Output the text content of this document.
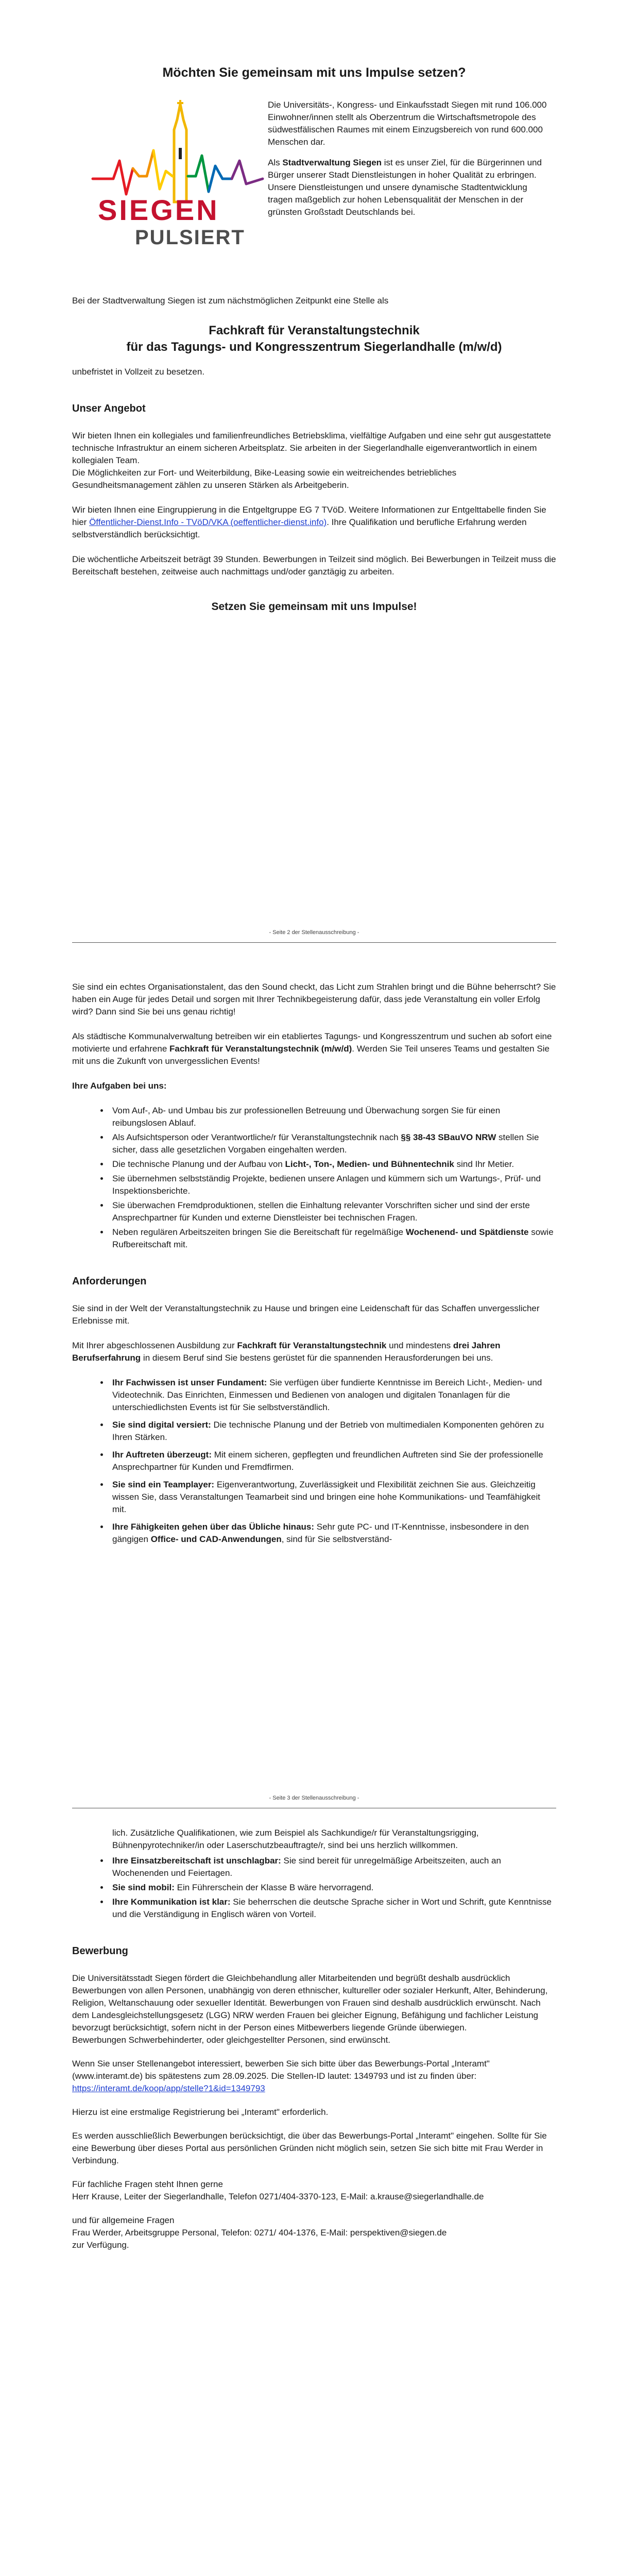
Möchten Sie gemeinsam mit uns Impulse setzen?
SIEGEN
PULSIERT

Die Universitäts-, Kongress- und Einkaufsstadt Siegen mit rund 106.000 Einwohner/innen stellt als Oberzentrum die Wirtschaftsmetropole des südwestfälischen Raumes mit einem Einzugsbereich von rund 600.000 Menschen dar.

Als Stadtverwaltung Siegen ist es unser Ziel, für die Bürgerinnen und Bürger unserer Stadt Dienstleistungen in hoher Qualität zu erbringen. Unsere Dienstleistungen und unsere dynamische Stadtentwicklung tragen maßgeblich zur hohen Lebensqualität der Menschen in der grünsten Großstadt Deutschlands bei.

Bei der Stadtverwaltung Siegen ist zum nächstmöglichen Zeitpunkt eine Stelle als

Fachkraft für Veranstaltungstechnik
für das Tagungs- und Kongresszentrum Siegerlandhalle (m/w/d)

unbefristet in Vollzeit zu besetzen.

Unser Angebot

Wir bieten Ihnen ein kollegiales und familienfreundliches Betriebsklima, vielfältige Aufgaben und eine sehr gut ausgestattete technische Infrastruktur an einem sicheren Arbeitsplatz. Sie arbeiten in der Siegerlandhalle eigenverantwortlich in einem kollegialen Team.
Die Möglichkeiten zur Fort- und Weiterbildung, Bike-Leasing sowie ein weitreichendes betriebliches Gesundheitsmanagement zählen zu unseren Stärken als Arbeitgeberin.

Wir bieten Ihnen eine Eingruppierung in die Entgeltgruppe EG 7 TVöD. Weitere Informationen zur Entgelttabelle finden Sie hier Öffentlicher-Dienst.Info - TVöD/VKA (oeffentlicher-dienst.info). Ihre Qualifikation und berufliche Erfahrung werden selbstverständlich berücksichtigt.

Die wöchentliche Arbeitszeit beträgt 39 Stunden. Bewerbungen in Teilzeit sind möglich. Bei Bewerbungen in Teilzeit muss die Bereitschaft bestehen, zeitweise auch nachmittags und/oder ganztägig zu arbeiten.

Setzen Sie gemeinsam mit uns Impulse!
- Seite 2 der Stellenausschreibung -

Sie sind ein echtes Organisationstalent, das den Sound checkt, das Licht zum Strahlen bringt und die Bühne beherrscht? Sie haben ein Auge für jedes Detail und sorgen mit Ihrer Technikbegeisterung dafür, dass jede Veranstaltung ein voller Erfolg wird? Dann sind Sie bei uns genau richtig!

Als städtische Kommunalverwaltung betreiben wir ein etabliertes Tagungs- und Kongresszentrum und suchen ab sofort eine motivierte und erfahrene Fachkraft für Veranstaltungstechnik (m/w/d). Werden Sie Teil unseres Teams und gestalten Sie mit uns die Zukunft von unvergesslichen Events!

Ihre Aufgaben bei uns:

• Vom Auf-, Ab- und Umbau bis zur professionellen Betreuung und Überwachung sorgen Sie für einen reibungslosen Ablauf.
• Als Aufsichtsperson oder Verantwortliche/r für Veranstaltungstechnik nach §§ 38-43 SBauVO NRW stellen Sie sicher, dass alle gesetzlichen Vorgaben eingehalten werden.
• Die technische Planung und der Aufbau von Licht-, Ton-, Medien- und Bühnentechnik sind Ihr Metier.
• Sie übernehmen selbstständig Projekte, bedienen unsere Anlagen und kümmern sich um Wartungs-, Prüf- und Inspektionsberichte.
• Sie überwachen Fremdproduktionen, stellen die Einhaltung relevanter Vorschriften sicher und sind der erste Ansprechpartner für Kunden und externe Dienstleister bei technischen Fragen.
• Neben regulären Arbeitszeiten bringen Sie die Bereitschaft für regelmäßige Wochenend- und Spätdienste sowie Rufbereitschaft mit.
Anforderungen

Sie sind in der Welt der Veranstaltungstechnik zu Hause und bringen eine Leidenschaft für das Schaffen unvergesslicher Erlebnisse mit.

Mit Ihrer abgeschlossenen Ausbildung zur Fachkraft für Veranstaltungstechnik und mindestens drei Jahren Berufserfahrung in diesem Beruf sind Sie bestens gerüstet für die spannenden Herausforderungen bei uns.

• Ihr Fachwissen ist unser Fundament: Sie verfügen über fundierte Kenntnisse im Bereich Licht-, Medien- und Videotechnik. Das Einrichten, Einmessen und Bedienen von analogen und digitalen Tonanlagen für die unterschiedlichsten Events ist für Sie selbstverständlich.
• Sie sind digital versiert: Die technische Planung und der Betrieb von multimedialen Komponenten gehören zu Ihren Stärken.
• Ihr Auftreten überzeugt: Mit einem sicheren, gepflegten und freundlichen Auftreten sind Sie der professionelle Ansprechpartner für Kunden und Fremdfirmen.
• Sie sind ein Teamplayer: Eigenverantwortung, Zuverlässigkeit und Flexibilität zeichnen Sie aus. Gleichzeitig wissen Sie, dass Veranstaltungen Teamarbeit sind und bringen eine hohe Kommunikations- und Teamfähigkeit mit.
• Ihre Fähigkeiten gehen über das Übliche hinaus: Sehr gute PC- und IT-Kenntnisse, insbesondere in den gängigen Office- und CAD-Anwendungen, sind für Sie selbstverständ-
- Seite 3 der Stellenausschreibung -

lich. Zusätzliche Qualifikationen, wie zum Beispiel als Sachkundige/r für Veranstaltungsrigging, Bühnenpyrotechniker/in oder Laserschutzbeauftragte/r, sind bei uns herzlich willkommen.

• Ihre Einsatzbereitschaft ist unschlagbar: Sie sind bereit für unregelmäßige Arbeitszeiten, auch an Wochenenden und Feiertagen.
• Sie sind mobil: Ein Führerschein der Klasse B wäre hervorragend.
• Ihre Kommunikation ist klar: Sie beherrschen die deutsche Sprache sicher in Wort und Schrift, gute Kenntnisse und die Verständigung in Englisch wären von Vorteil.
Bewerbung

Die Universitätsstadt Siegen fördert die Gleichbehandlung aller Mitarbeitenden und begrüßt deshalb ausdrücklich Bewerbungen von allen Personen, unabhängig von deren ethnischer, kultureller oder sozialer Herkunft, Alter, Behinderung, Religion, Weltanschauung oder sexueller Identität. Bewerbungen von Frauen sind deshalb ausdrücklich erwünscht. Nach dem Landesgleichstellungsgesetz (LGG) NRW werden Frauen bei gleicher Eignung, Befähigung und fachlicher Leistung bevorzugt berücksichtigt, sofern nicht in der Person eines Mitbewerbers liegende Gründe überwiegen.
Bewerbungen Schwerbehinderter, oder gleichgestellter Personen, sind erwünscht.

Wenn Sie unser Stellenangebot interessiert, bewerben Sie sich bitte über das Bewerbungs-Portal „Interamt" (www.interamt.de) bis spätestens zum 28.09.2025. Die Stellen-ID lautet: 1349793 und ist zu finden über:
https://interamt.de/koop/app/stelle?1&id=1349793

Hierzu ist eine erstmalige Registrierung bei „Interamt" erforderlich.

Es werden ausschließlich Bewerbungen berücksichtigt, die über das Bewerbungs-Portal „Interamt" eingehen. Sollte für Sie eine Bewerbung über dieses Portal aus persönlichen Gründen nicht möglich sein, setzen Sie sich bitte mit Frau Werder in Verbindung.

Für fachliche Fragen steht Ihnen gerne
Herr Krause, Leiter der Siegerlandhalle, Telefon 0271/404-3370-123, E-Mail: a.krause@siegerlandhalle.de

und für allgemeine Fragen
Frau Werder, Arbeitsgruppe Personal, Telefon: 0271/ 404-1376, E-Mail: perspektiven@siegen.de
zur Verfügung.
